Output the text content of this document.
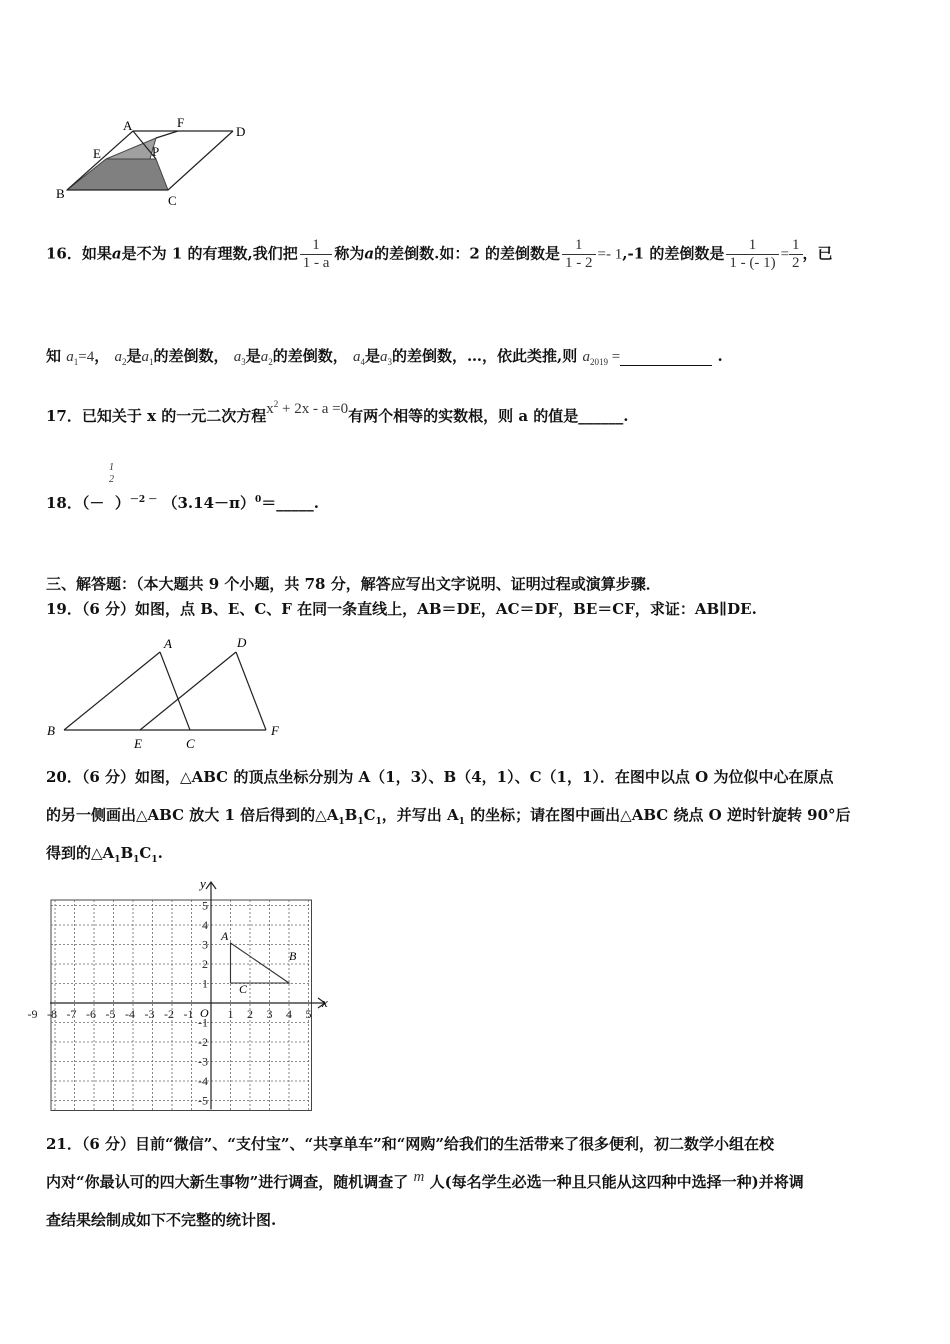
A	F
D
E	P
B	C
16．如果a是不为 1 的有理数,我们把 $\frac{1}{1 - a}$ 称为a的差倒数.如：2 的差倒数是 $\frac{1}{1 - 2} =- 1,-1$ 的差倒数是 $\frac{1}{1 - (- 1)} = \frac{1}{2}$ ，已
知 $a_1=4$， $a_2$是$a_1$的差倒数， $a_3$是$a_2$的差倒数， $a_4$是$a_3$的差倒数，…，依此类推,则 $a_{2019}$ =	.
17．已知关于 x 的一元二次方程$x^2 + 2x - a =0$有两个相等的实数根，则 a 的值是______.
1
2
18．（－ ）$^{-2 -}$ $(3.14-\pi)^0=\_\_\_\_\_$.
三、解答题：（本大题共 9 个小题，共 78 分，解答应写出文字说明、证明过程或演算步骤．
19．（6 分）如图，点 B、E、C、F 在同一条直线上，AB＝DE，AC＝DF，BE＝CF，求证：AB∥DE.
A	D
B
E	C
F
20．（6 分）如图，△ABC 的顶点坐标分别为 A（1，3）、B（4，1）、C（1，1）．在图中以点 O 为位似中心在原点
的另一侧画出△ABC 放大 1 倍后得到的$\triangle A_1B_1C_1$，并写出 $A_1$ 的坐标；请在图中画出△ABC 绕点 O 逆时针旋转 90°后
得到的$\triangle A_1B_1C_1$.
x
y
O
A
B
C
-9 -8 -7 -6 -5 -4 -3 -2 -1	1 2 3 4 5
5
4
3
2
1
-1
-2
-3
-4
-5
21．（6 分）目前“微信”、“支付宝”、“共享单车”和“网购”给我们的生活带来了很多便利，初二数学小组在校
内对“你最认可的四大新生事物”进行调查，随机调查了 m 人(每名学生必选一种且只能从这四种中选择一种)并将调
查结果绘制成如下不完整的统计图.
